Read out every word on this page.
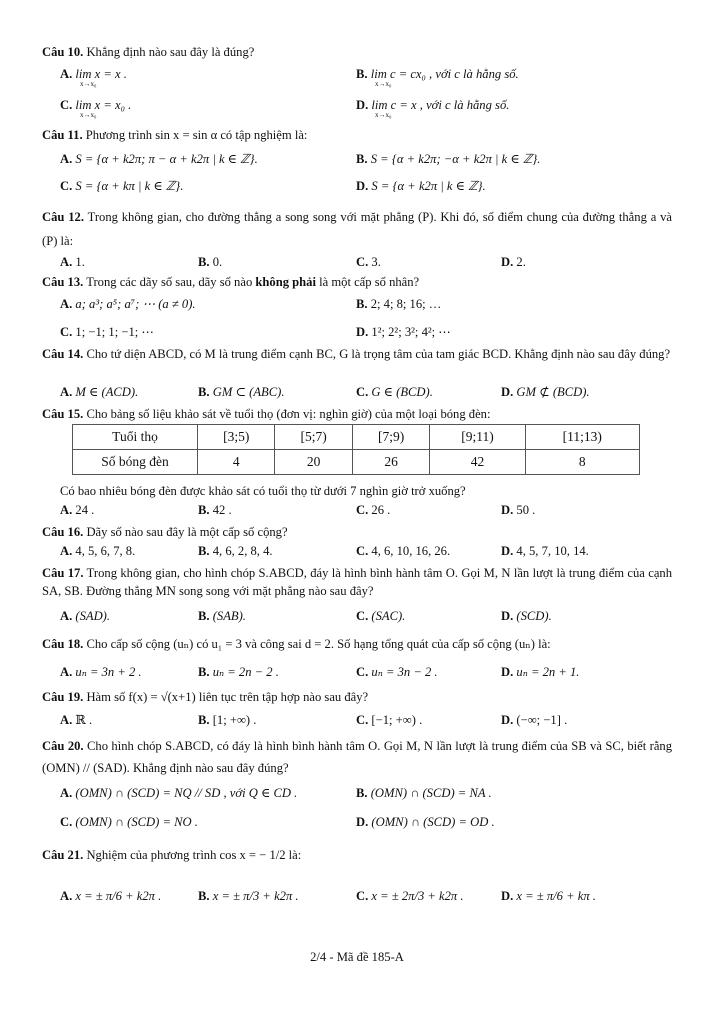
Câu 10. Khẳng định nào sau đây là đúng?
A. lim x = x .	B. lim c = cx₀ , với c là hằng số.
C. lim x = x₀ .	D. lim c = x , với c là hằng số.
x→x₀	x→x₀
x→x₀	x→x₀
Câu 11. Phương trình sin x = sin α có tập nghiệm là:
A. S = {α + k2π; π − α + k2π | k ∈ ℤ}.	B. S = {α + k2π; −α + k2π | k ∈ ℤ}.
C. S = {α + kπ | k ∈ ℤ}.	D. S = {α + k2π | k ∈ ℤ}.
Câu 12. Trong không gian, cho đường thẳng a song song với mặt phẳng (P). Khi đó, số điểm chung của đường thẳng a và (P) là:
A. 1.	B. 0.	C. 3.	D. 2.
Câu 13. Trong các dãy số sau, dãy số nào không phải là một cấp số nhân?
A. a; a³; a⁵; a⁷; ⋯ (a ≠ 0).	B. 2; 4; 8; 16; …
C. 1; −1; 1; −1; ⋯	D. 1²; 2²; 3²; 4²; ⋯
Câu 14. Cho tứ diện ABCD, có M là trung điểm cạnh BC, G là trọng tâm của tam giác BCD. Khẳng định nào sau đây đúng?
A. M ∈ (ACD).	B. GM ⊂ (ABC).	C. G ∈ (BCD).	D. GM ⊄ (BCD).
Câu 15. Cho bảng số liệu khảo sát về tuổi thọ (đơn vị: nghìn giờ) của một loại bóng đèn:
Tuổi thọ	[3;5)	[5;7)	[7;9)	[9;11)	[11;13)
Số bóng đèn	4	20	26	42	8
Có bao nhiêu bóng đèn được khảo sát có tuổi thọ từ dưới 7 nghìn giờ trở xuống?
A. 24 .	B. 42 .	C. 26 .	D. 50 .
Câu 16. Dãy số nào sau đây là một cấp số cộng?
A. 4, 5, 6, 7, 8.	B. 4, 6, 2, 8, 4.	C. 4, 6, 10, 16, 26.	D. 4, 5, 7, 10, 14.
Câu 17. Trong không gian, cho hình chóp S.ABCD, đáy là hình bình hành tâm O. Gọi M, N lần lượt là trung điểm của cạnh SA, SB. Đường thẳng MN song song với mặt phẳng nào sau đây?
A. (SAD).	B. (SAB).	C. (SAC).	D. (SCD).
Câu 18. Cho cấp số cộng (uₙ) có u₁ = 3 và công sai d = 2. Số hạng tổng quát của cấp số cộng (uₙ) là:
A. uₙ = 3n + 2 .	B. uₙ = 2n − 2 .	C. uₙ = 3n − 2 .	D. uₙ = 2n + 1.
Câu 19. Hàm số f(x) = √(x+1) liên tục trên tập hợp nào sau đây?
A. ℝ .	B. [1; +∞) .	C. [−1; +∞) .	D. (−∞; −1] .
Câu 20. Cho hình chóp S.ABCD, có đáy là hình bình hành tâm O. Gọi M, N lần lượt là trung điểm của SB và SC, biết rằng (OMN) // (SAD). Khẳng định nào sau đây đúng?
A. (OMN) ∩ (SCD) = NQ // SD , với Q ∈ CD .	B. (OMN) ∩ (SCD) = NA .
C. (OMN) ∩ (SCD) = NO .	D. (OMN) ∩ (SCD) = OD .
Câu 21. Nghiệm của phương trình cos x = − 1/2 là:
A. x = ± π/6 + k2π .	B. x = ± π/3 + k2π .	C. x = ± 2π/3 + k2π .	D. x = ± π/6 + kπ .
2/4 - Mã đề 185-A
